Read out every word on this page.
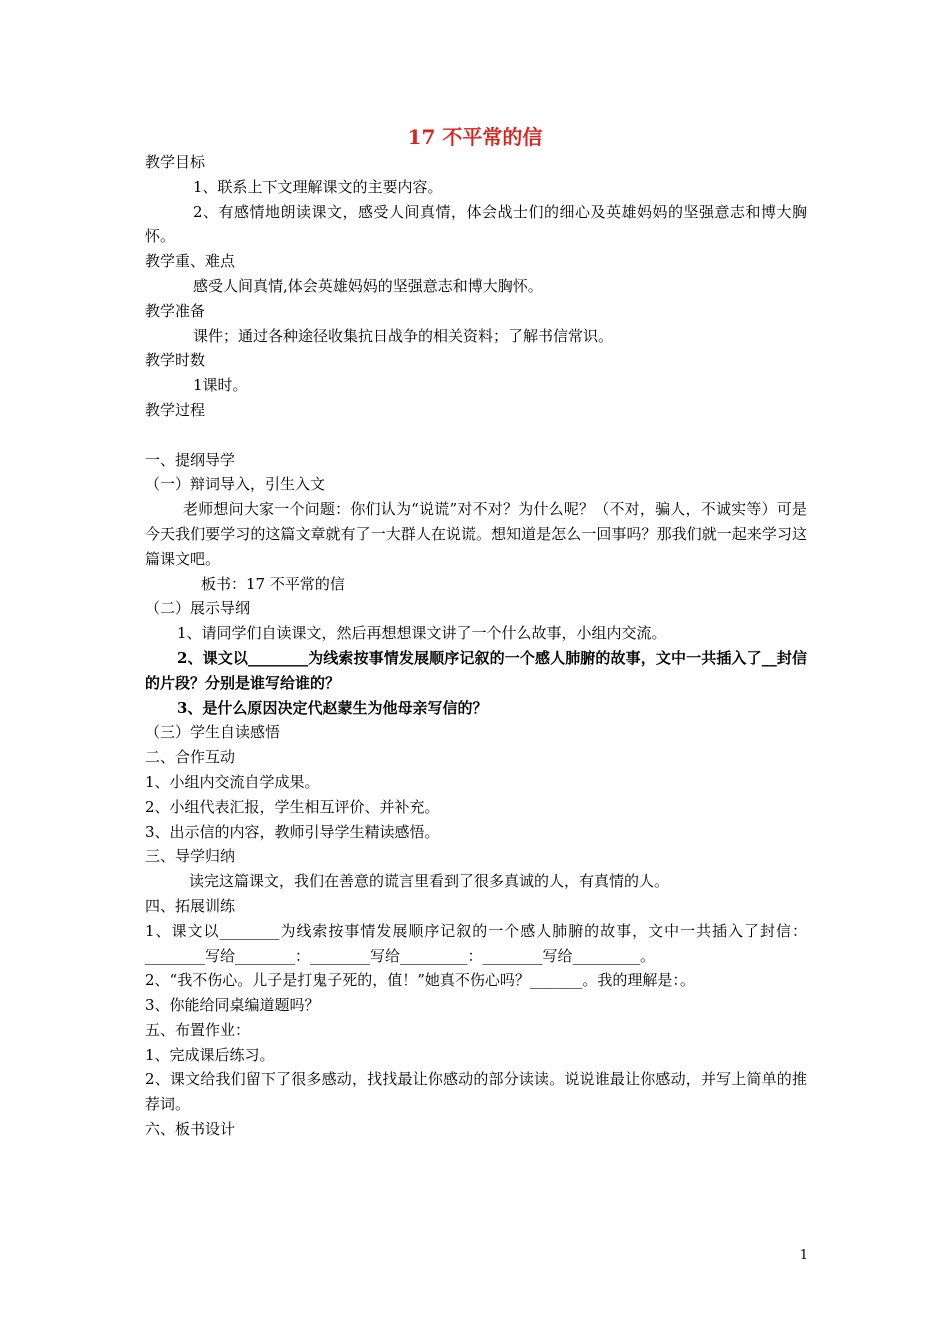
17 不平常的信

教学目标

1、联系上下文理解课文的主要内容。

2、有感情地朗读课文，感受人间真情，体会战士们的细心及英雄妈妈的坚强意志和博大胸怀。

教学重、难点

感受人间真情,体会英雄妈妈的坚强意志和博大胸怀。

教学准备

课件；通过各种途径收集抗日战争的相关资料；了解书信常识。

教学时数

1课时。

教学过程

一、提纲导学

（一）辩词导入，引生入文

老师想问大家一个问题：你们认为“说谎”对不对？为什么呢？（不对，骗人，不诚实等）可是今天我们要学习的这篇文章就有了一大群人在说谎。想知道是怎么一回事吗？那我们就一起来学习这篇课文吧。

板书：17 不平常的信

（二）展示导纲

1、请同学们自读课文，然后再想想课文讲了一个什么故事，小组内交流。

2、课文以________为线索按事情发展顺序记叙的一个感人肺腑的故事，文中一共插入了__封信的片段？分别是谁写给谁的？

3、是什么原因决定代赵蒙生为他母亲写信的？

（三）学生自读感悟

二、合作互动

1、小组内交流自学成果。

2、小组代表汇报，学生相互评价、并补充。

3、出示信的内容，教师引导学生精读感悟。

三、导学归纳

读完这篇课文，我们在善意的谎言里看到了很多真诚的人，有真情的人。

四、拓展训练

1、课文以________为线索按事情发展顺序记叙的一个感人肺腑的故事，文中一共插入了封信：________写给________：________写给_________：________写给_________。

2、“我不伤心。儿子是打鬼子死的，值！”她真不伤心吗？_______。我的理解是：。

3、你能给同桌编道题吗？

五、布置作业：

1、完成课后练习。

2、课文给我们留下了很多感动，找找最让你感动的部分读读。说说谁最让你感动，并写上简单的推荐词。

六、板书设计

1
